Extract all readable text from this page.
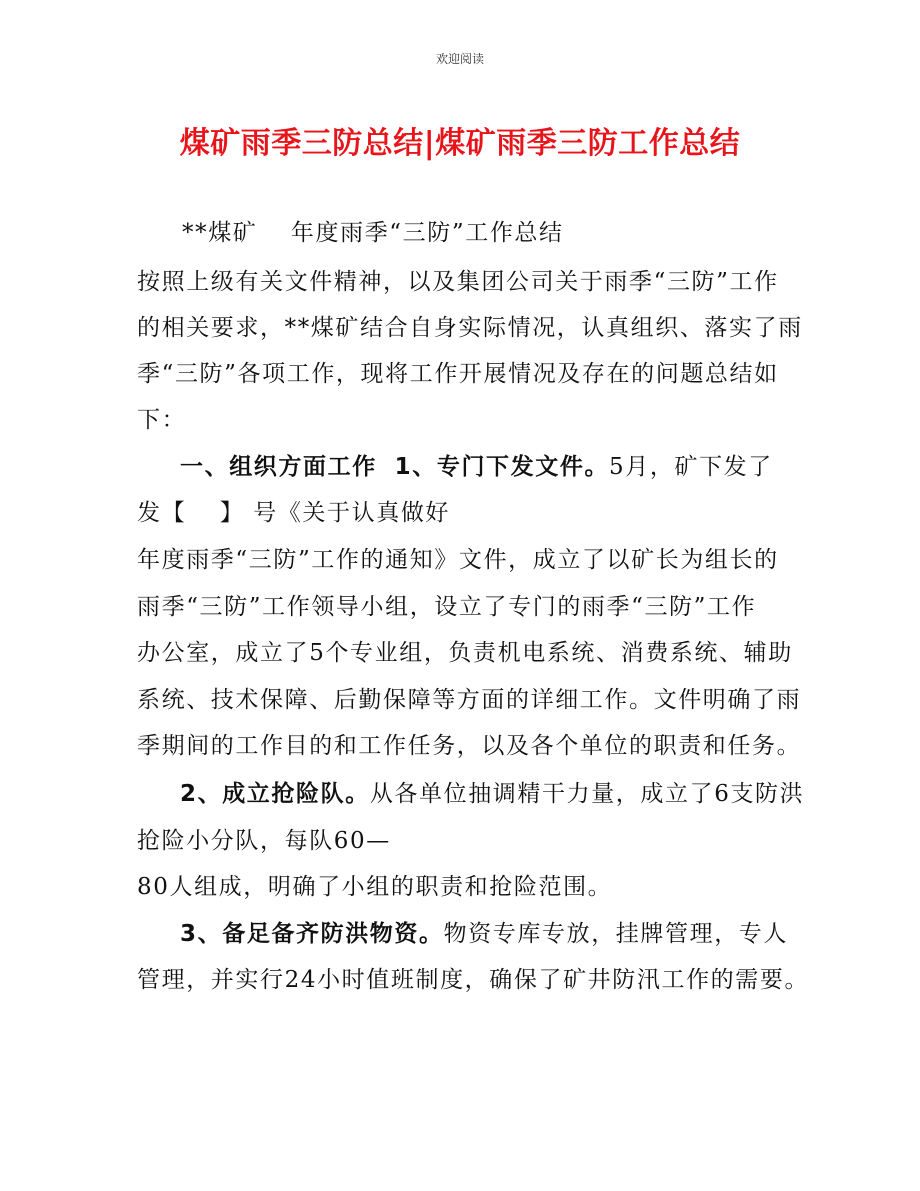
欢迎阅读
煤矿雨季三防总结|煤矿雨季三防工作总结
**煤矿　 年度雨季“三防”工作总结
按照上级有关文件精神，以及集团公司关于雨季“三防”工作
的相关要求，**煤矿结合自身实际情况，认真组织、落实了雨
季“三防”各项工作，现将工作开展情况及存在的问题总结如
下：
一、组织方面工作 1、专门下发文件。5月，矿下发了
发【　 】 号《关于认真做好
年度雨季“三防”工作的通知》文件，成立了以矿长为组长的
雨季“三防”工作领导小组，设立了专门的雨季“三防”工作
办公室，成立了5个专业组，负责机电系统、消费系统、辅助
系统、技术保障、后勤保障等方面的详细工作。文件明确了雨
季期间的工作目的和工作任务，以及各个单位的职责和任务。
2、成立抢险队。从各单位抽调精干力量，成立了6支防洪
抢险小分队，每队60—
80人组成，明确了小组的职责和抢险范围。
3、备足备齐防洪物资。物资专库专放，挂牌管理，专人
管理，并实行24小时值班制度，确保了矿井防汛工作的需要。
